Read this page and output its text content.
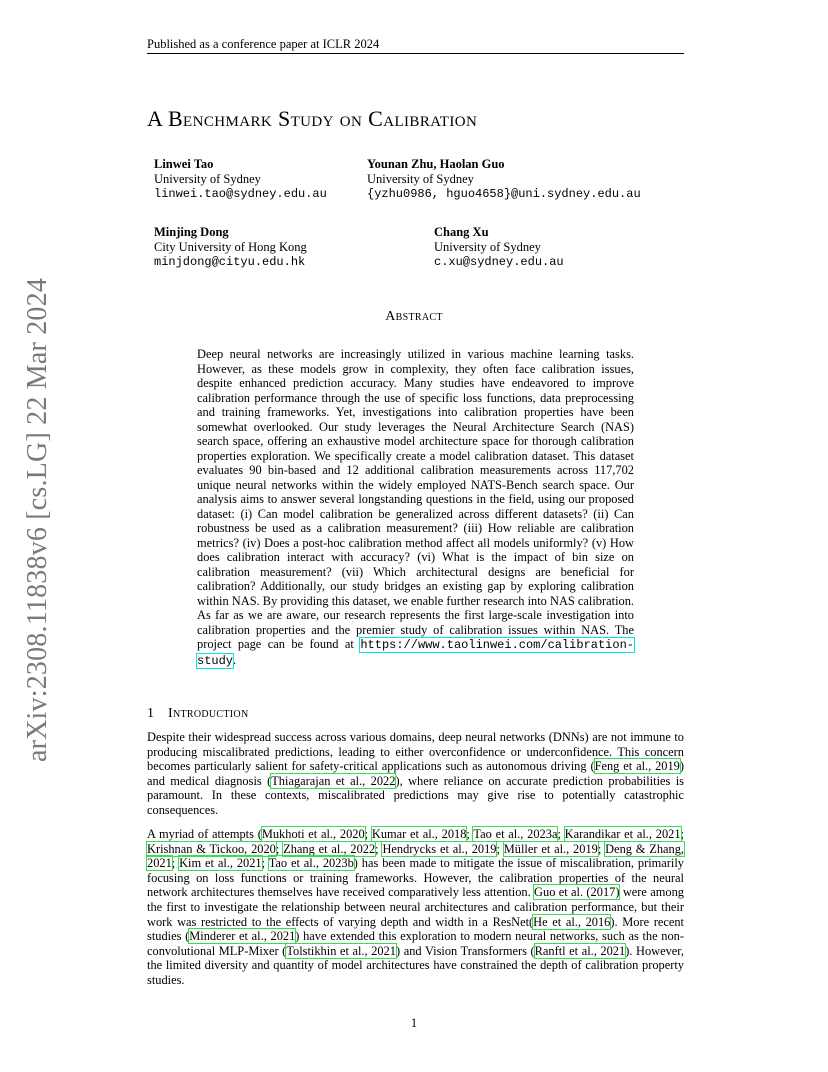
Published as a conference paper at ICLR 2024
arXiv:2308.11838v6 [cs.LG] 22 Mar 2024
A Benchmark Study on Calibration
Linwei Tao
University of Sydney
linwei.tao@sydney.edu.au
Younan Zhu, Haolan Guo
University of Sydney
{yzhu0986, hguo4658}@uni.sydney.edu.au
Minjing Dong
City University of Hong Kong
minjdong@cityu.edu.hk
Chang Xu
University of Sydney
c.xu@sydney.edu.au
Abstract

Deep neural networks are increasingly utilized in various machine learning tasks. However, as these models grow in complexity, they often face calibration issues, despite enhanced prediction accuracy. Many studies have endeavored to improve calibration performance through the use of specific loss functions, data preprocessing and training frameworks. Yet, investigations into calibration properties have been somewhat overlooked. Our study leverages the Neural Architecture Search (NAS) search space, offering an exhaustive model architecture space for thorough calibration properties exploration. We specifically create a model calibration dataset. This dataset evaluates 90 bin-based and 12 additional calibration measurements across 117,702 unique neural networks within the widely employed NATS-Bench search space. Our analysis aims to answer several longstanding questions in the field, using our proposed dataset: (i) Can model calibration be generalized across different datasets? (ii) Can robustness be used as a calibration measurement? (iii) How reliable are calibration metrics? (iv) Does a post-hoc calibration method affect all models uniformly? (v) How does calibration interact with accuracy? (vi) What is the impact of bin size on calibration measurement? (vii) Which architectural designs are beneficial for calibration? Additionally, our study bridges an existing gap by exploring calibration within NAS. By providing this dataset, we enable further research into NAS calibration. As far as we are aware, our research represents the first large-scale investigation into calibration properties and the premier study of calibration issues within NAS. The project page can be found at https://www.taolinwei.com/calibration-study.

1 Introduction

Despite their widespread success across various domains, deep neural networks (DNNs) are not immune to producing miscalibrated predictions, leading to either overconfidence or underconfidence. This concern becomes particularly salient for safety-critical applications such as autonomous driving (Feng et al., 2019) and medical diagnosis (Thiagarajan et al., 2022), where reliance on accurate prediction probabilities is paramount. In these contexts, miscalibrated predictions may give rise to potentially catastrophic consequences.

A myriad of attempts (Mukhoti et al., 2020; Kumar et al., 2018; Tao et al., 2023a; Karandikar et al., 2021; Krishnan & Tickoo, 2020; Zhang et al., 2022; Hendrycks et al., 2019; Müller et al., 2019; Deng & Zhang, 2021; Kim et al., 2021; Tao et al., 2023b) has been made to mitigate the issue of miscalibration, primarily focusing on loss functions or training frameworks. However, the calibration properties of the neural network architectures themselves have received comparatively less attention. Guo et al. (2017) were among the first to investigate the relationship between neural architectures and calibration performance, but their work was restricted to the effects of varying depth and width in a ResNet(He et al., 2016). More recent studies (Minderer et al., 2021) have extended this exploration to modern neural networks, such as the non-convolutional MLP-Mixer (Tolstikhin et al., 2021) and Vision Transformers (Ranftl et al., 2021). However, the limited diversity and quantity of model architectures have constrained the depth of calibration property studies.

1
